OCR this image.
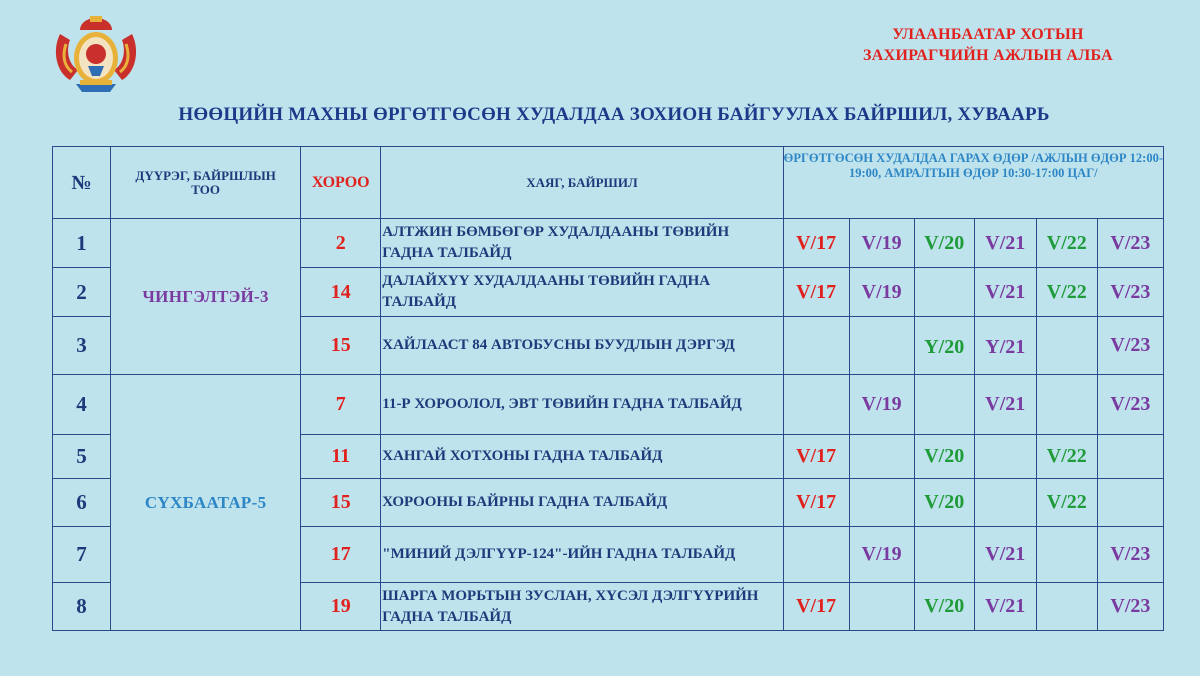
УЛААНБААТАР ХОТЫН
ЗАХИРАГЧИЙН АЖЛЫН АЛБА
НӨӨЦИЙН МАХНЫ ӨРГӨТГӨСӨН ХУДАЛДАА ЗОХИОН БАЙГУУЛАХ БАЙРШИЛ, ХУВААРЬ
№	ДҮҮРЭГ, БАЙРШЛЫН ТОО	ХОРОО	ХАЯГ, БАЙРШИЛ	ӨРГӨТГӨСӨН ХУДАЛДАА ГАРАХ ӨДӨР /АЖЛЫН ӨДӨР 12:00-19:00, АМРАЛТЫН ӨДӨР 10:30-17:00 ЦАГ/					
1	ЧИНГЭЛТЭЙ-3	2	АЛТЖИН БӨМБӨГӨР ХУДАЛДААНЫ ТӨВИЙН ГАДНА ТАЛБАЙД	V/17	V/19	V/20	V/21	V/22	V/23
2		14	ДАЛАЙХҮҮ ХУДАЛДААНЫ ТӨВИЙН ГАДНА ТАЛБАЙД	V/17	V/19		V/21	V/22	V/23
3		15	ХАЙЛААСТ 84 АВТОБУСНЫ БУУДЛЫН ДЭРГЭД			Y/20	Y/21		V/23
4	СҮХБААТАР-5	7	11-Р ХОРООЛОЛ, ЭВТ ТӨВИЙН ГАДНА ТАЛБАЙД		V/19		V/21		V/23
5		11	ХАНГАЙ ХОТХОНЫ ГАДНА ТАЛБАЙД	V/17		V/20		V/22	
6		15	ХОРООНЫ БАЙРНЫ ГАДНА ТАЛБАЙД	V/17		V/20		V/22	
7		17	"МИНИЙ ДЭЛГҮҮР-124"-ИЙН ГАДНА ТАЛБАЙД		V/19		V/21		V/23
8		19	ШАРГА МОРЬТЫН ЗУСЛАН, ХҮСЭЛ ДЭЛГҮҮРИЙН ГАДНА ТАЛБАЙД	V/17		V/20	V/21		V/23
